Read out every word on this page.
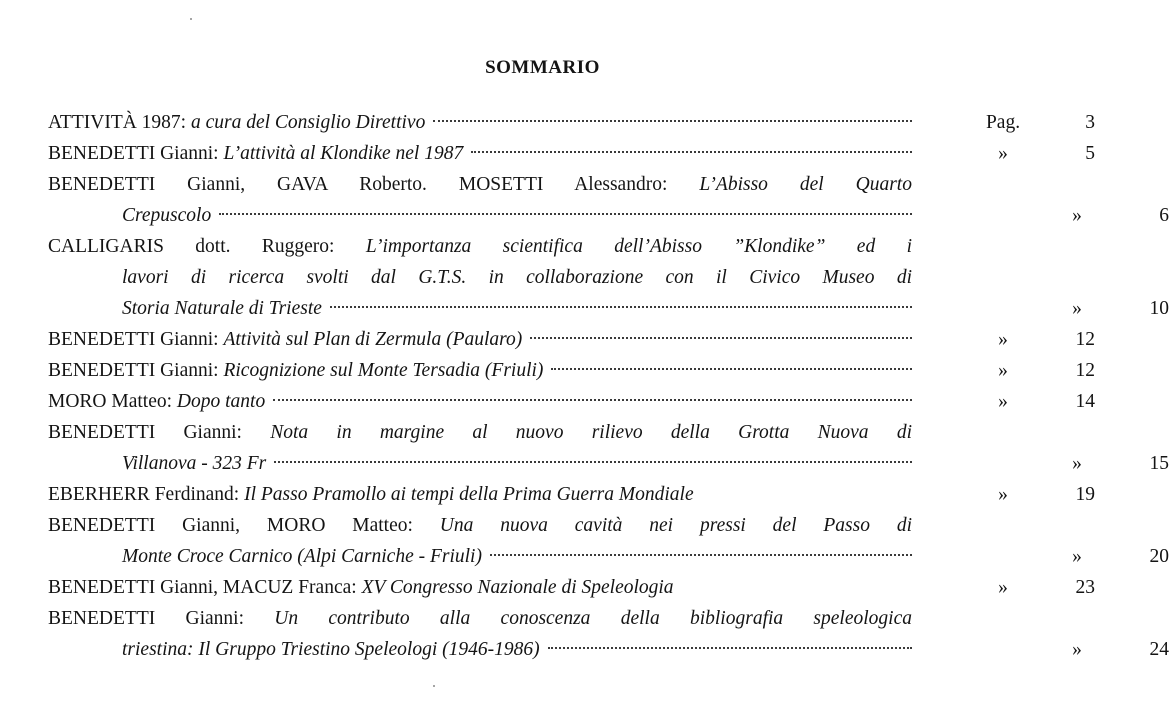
SOMMARIO
ATTIVITÀ 1987: a cura del Consiglio Direttivo	Pag.	3
BENEDETTI Gianni: L’attività al Klondike nel 1987	»	5
BENEDETTI Gianni, GAVA Roberto. MOSETTI Alessandro: L’Abisso del Quarto
Crepuscolo	»	6
CALLIGARIS dott. Ruggero: L’importanza scientifica dell’Abisso ”Klondike” ed i
lavori di ricerca svolti dal G.T.S. in collaborazione con il Civico Museo di
Storia Naturale di Trieste	»	10
BENEDETTI Gianni: Attività sul Plan di Zermula (Paularo)	»	12
BENEDETTI Gianni: Ricognizione sul Monte Tersadia (Friuli)	»	12
MORO Matteo: Dopo tanto	»	14
BENEDETTI Gianni: Nota in margine al nuovo rilievo della Grotta Nuova di
Villanova - 323 Fr	»	15
EBERHERR Ferdinand: Il Passo Pramollo ai tempi della Prima Guerra Mondiale	»	19
BENEDETTI Gianni, MORO Matteo: Una nuova cavità nei pressi del Passo di
Monte Croce Carnico (Alpi Carniche - Friuli)	»	20
BENEDETTI Gianni, MACUZ Franca: XV Congresso Nazionale di Speleologia	»	23
BENEDETTI Gianni: Un contributo alla conoscenza della bibliografia speleologica
triestina: Il Gruppo Triestino Speleologi (1946-1986)	»	24
